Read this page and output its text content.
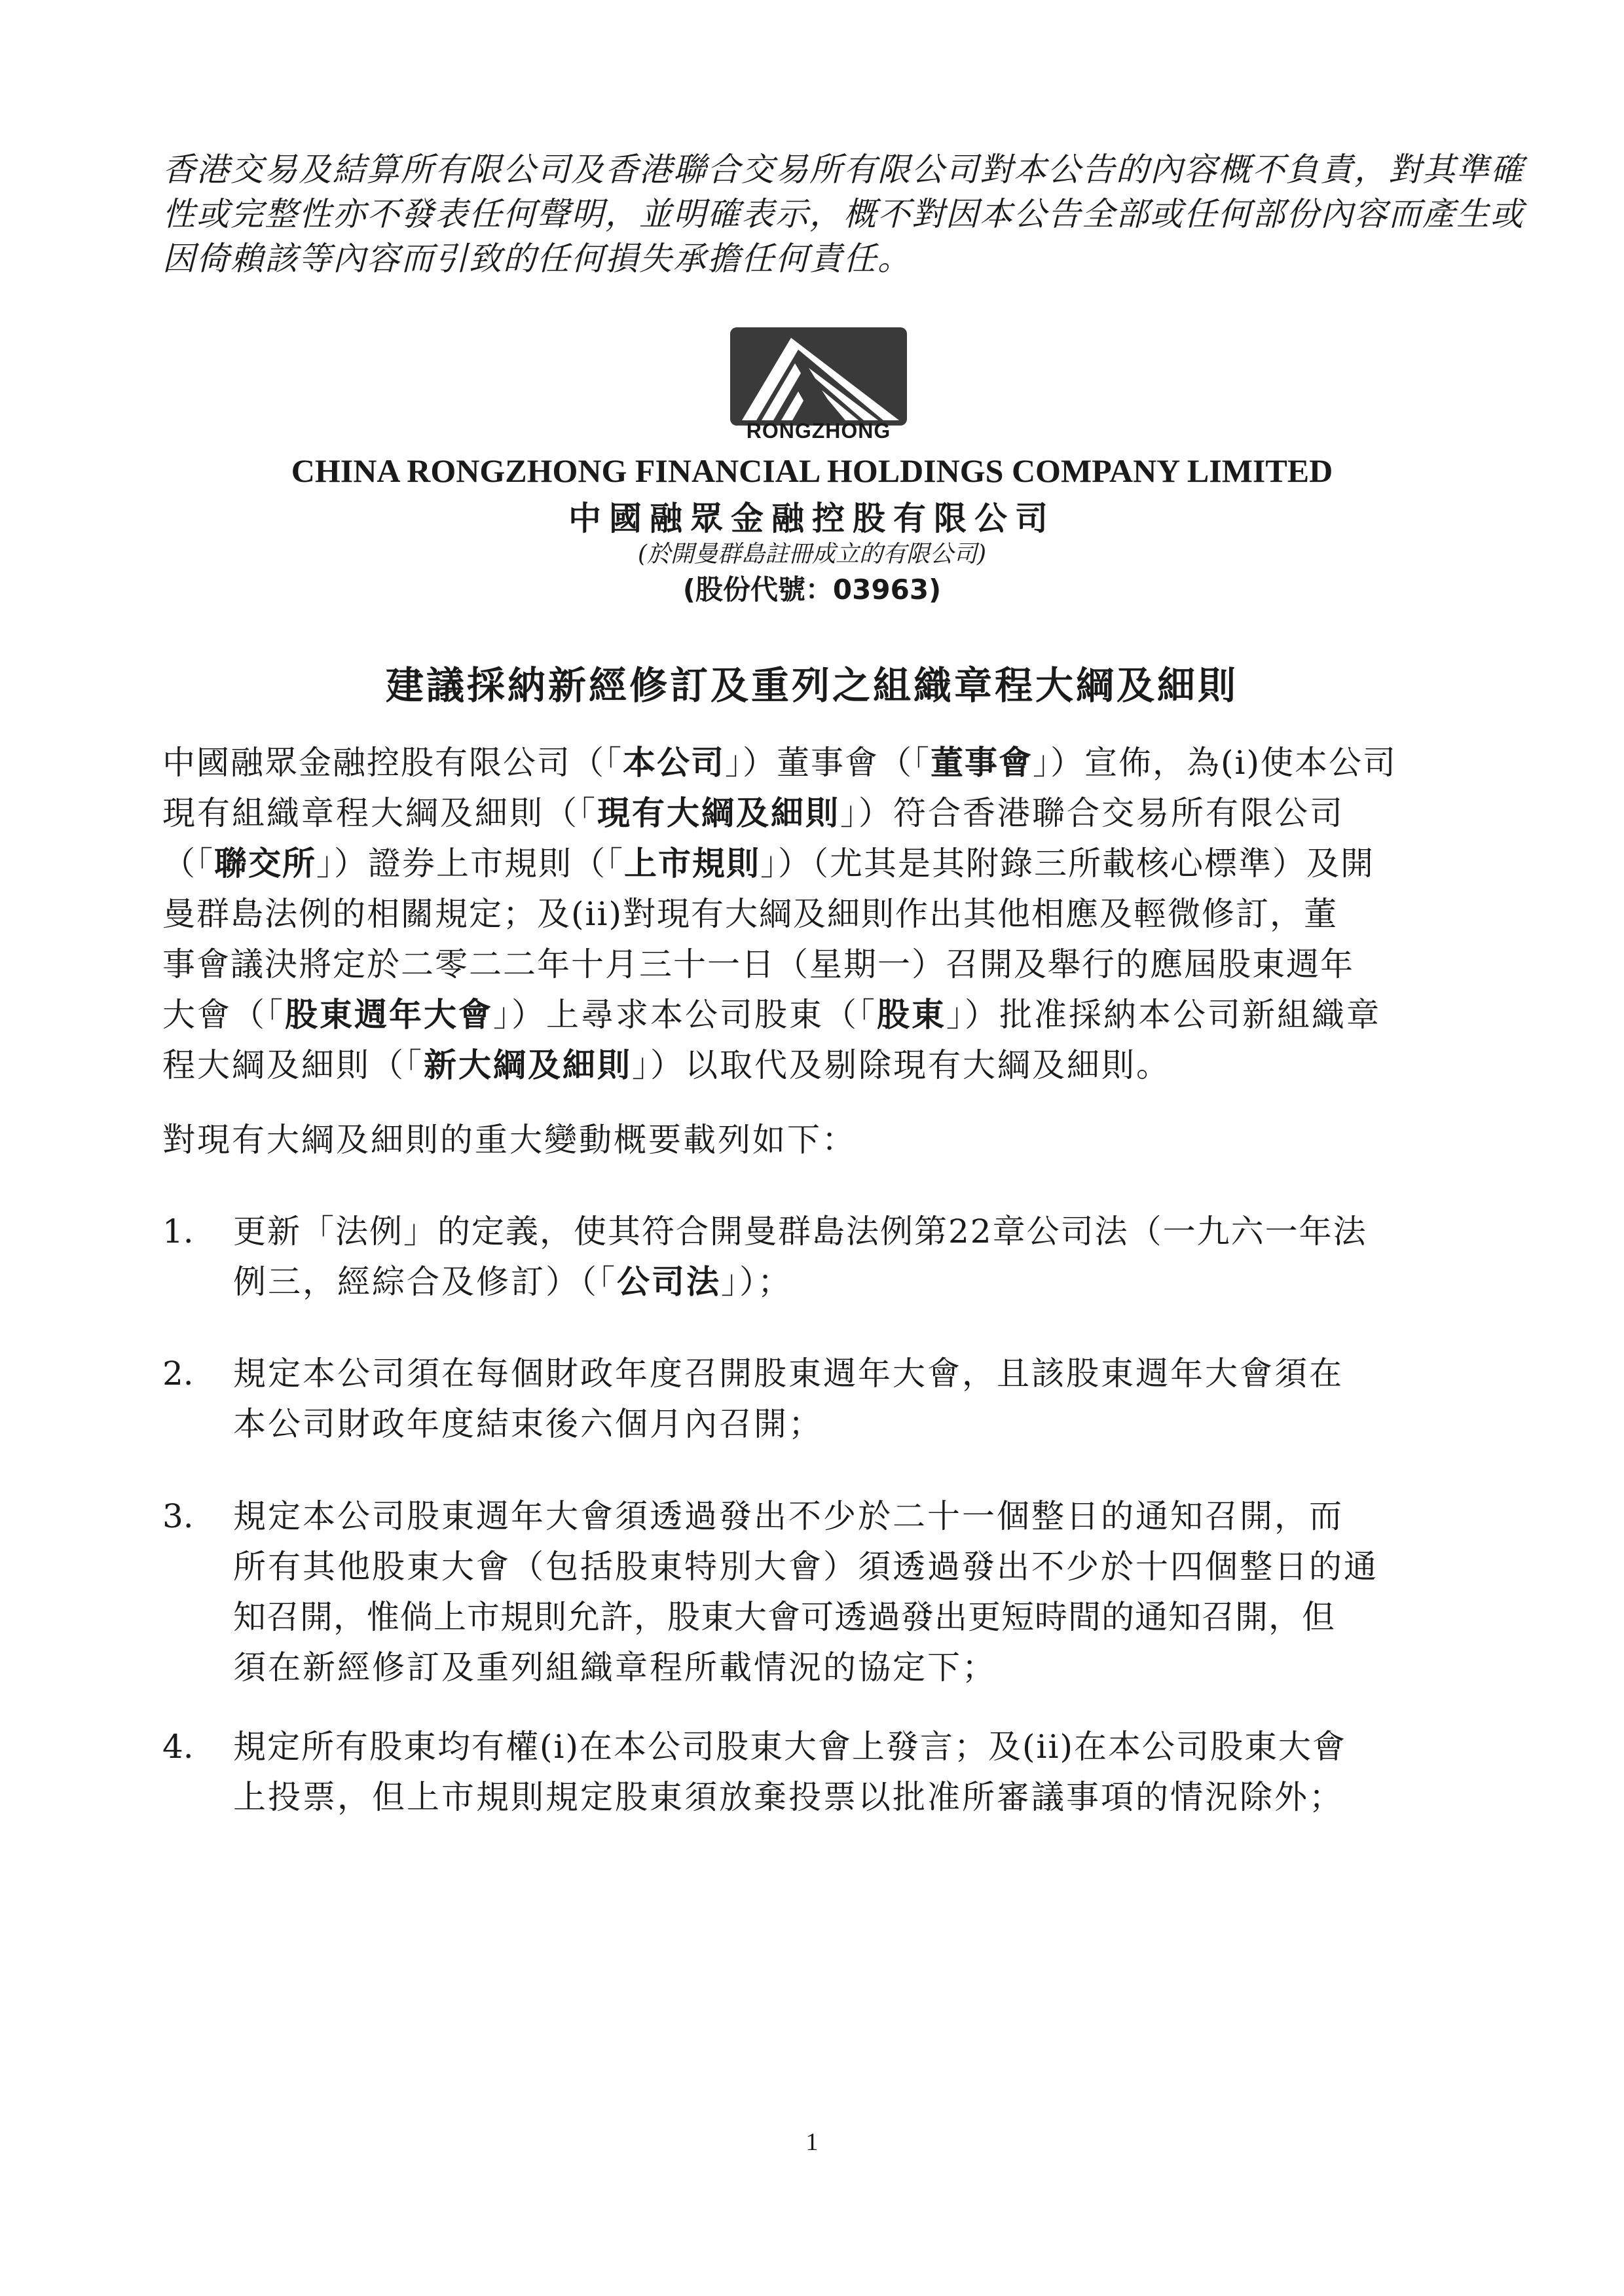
香港交易及結算所有限公司及香港聯合交易所有限公司對本公告的內容概不負責，對其準確
性或完整性亦不發表任何聲明，並明確表示，概不對因本公告全部或任何部份內容而產生或
因倚賴該等內容而引致的任何損失承擔任何責任。
RONGZHONG
CHINA RONGZHONG FINANCIAL HOLDINGS COMPANY LIMITED
中國融眾金融控股有限公司
(於開曼群島註冊成立的有限公司)
(股份代號：03963)
建議採納新經修訂及重列之組織章程大綱及細則
中國融眾金融控股有限公司（「本公司」）董事會（「董事會」）宣佈，為(i)使本公司
現有組織章程大綱及細則（「現有大綱及細則」）符合香港聯合交易所有限公司
（「聯交所」）證券上市規則（「上市規則」）（尤其是其附錄三所載核心標準）及開
曼群島法例的相關規定；及(ii)對現有大綱及細則作出其他相應及輕微修訂，董
事會議決將定於二零二二年十月三十一日（星期一）召開及舉行的應屆股東週年
大會（「股東週年大會」）上尋求本公司股東（「股東」）批准採納本公司新組織章
程大綱及細則（「新大綱及細則」）以取代及剔除現有大綱及細則。
對現有大綱及細則的重大變動概要載列如下：
1. 更新「法例」的定義，使其符合開曼群島法例第22章公司法（一九六一年法
例三，經綜合及修訂）（「公司法」）；
2. 規定本公司須在每個財政年度召開股東週年大會，且該股東週年大會須在
本公司財政年度結束後六個月內召開；
3. 規定本公司股東週年大會須透過發出不少於二十一個整日的通知召開，而
所有其他股東大會（包括股東特別大會）須透過發出不少於十四個整日的通
知召開，惟倘上市規則允許，股東大會可透過發出更短時間的通知召開，但
須在新經修訂及重列組織章程所載情況的協定下；
4. 規定所有股東均有權(i)在本公司股東大會上發言；及(ii)在本公司股東大會
上投票，但上市規則規定股東須放棄投票以批准所審議事項的情況除外；
1
